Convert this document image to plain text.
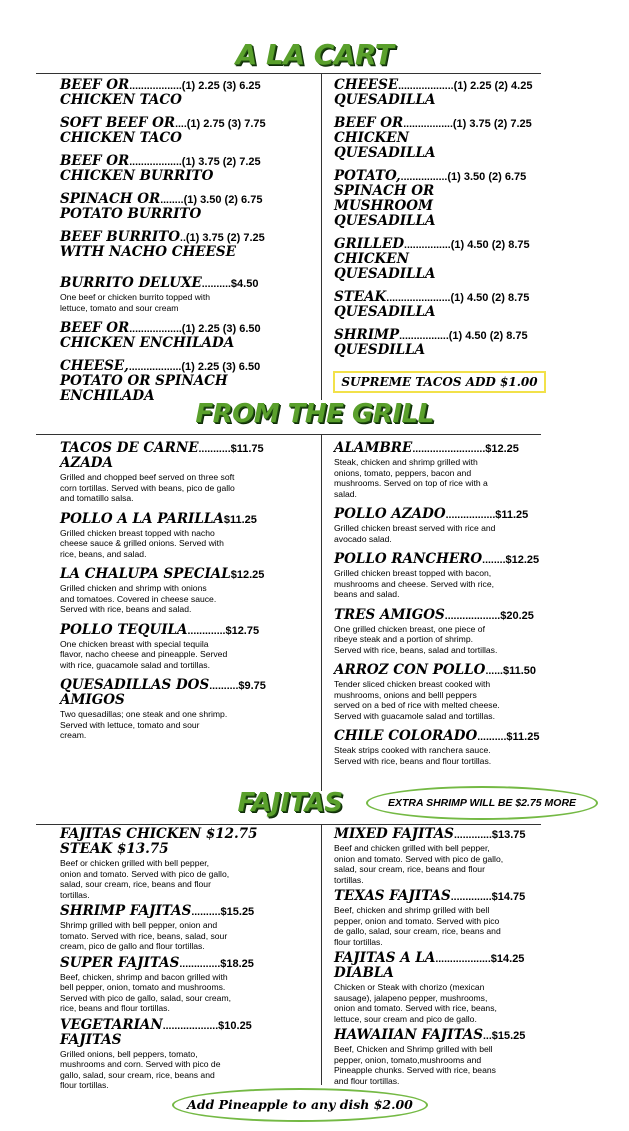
A LA CART
BEEF OR .................. (1) 2.25 (3) 6.25
CHICKEN TACO
SOFT BEEF OR .... (1) 2.75 (3) 7.75
CHICKEN TACO
BEEF OR .................. (1) 3.75 (2) 7.25
CHICKEN BURRITO
SPINACH OR ........ (1) 3.50 (2) 6.75
POTATO BURRITO
BEEF BURRITO .. (1) 3.75 (2) 7.25
WITH NACHO CHEESE
BURRITO DELUXE .......... $4.50
One beef or chicken burrito topped with lettuce, tomato and sour cream
BEEF OR .................. (1) 2.25 (3) 6.50
CHICKEN ENCHILADA
CHEESE, .................. (1) 2.25 (3) 6.50
POTATO OR SPINACH
ENCHILADA
CHEESE ................... (1) 2.25 (2) 4.25
QUESADILLA
BEEF OR ................. (1) 3.75 (2) 7.25
CHICKEN
QUESADILLA
POTATO, ................ (1) 3.50 (2) 6.75
SPINACH OR
MUSHROOM
QUESADILLA
GRILLED ................ (1) 4.50 (2) 8.75
CHICKEN
QUESADILLA
STEAK ...................... (1) 4.50 (2) 8.75
QUESADILLA
SHRIMP ................. (1) 4.50 (2) 8.75
QUESDILLA
SUPREME TACOS ADD $1.00
FROM THE GRILL
TACOS DE CARNE ........... $11.75
AZADA
Grilled and chopped beef served on three soft corn tortillas. Served with beans, pico de gallo and tomatillo salsa.
POLLO A LA PARILLA $11.25
Grilled chicken breast topped with nacho cheese sauce & grilled onions. Served with rice, beans, and salad.
LA CHALUPA SPECIAL $12.25
Grilled chicken and shrimp with onions and tomatoes. Covered in cheese sauce. Served with rice, beans and salad.
POLLO TEQUILA ............. $12.75
One chicken breast with special tequila flavor, nacho cheese and pineapple. Served with rice, guacamole salad and tortillas.
QUESADILLAS DOS .......... $9.75
AMIGOS
Two quesadillas; one steak and one shrimp. Served with lettuce, tomato and sour cream.
ALAMBRE ......................... $12.25
Steak, chicken and shrimp grilled with onions, tomato, peppers, bacon and mushrooms. Served on top of rice with a salad.
POLLO AZADO ................. $11.25
Grilled chicken breast served with rice and avocado salad.
POLLO RANCHERO ........ $12.25
Grilled chicken breast topped with bacon, mushrooms and cheese. Served with rice, beans and salad.
TRES AMIGOS ................... $20.25
One grilled chicken breast, one piece of ribeye steak and a portion of shrimp. Served with rice, beans, salad and tortillas.
ARROZ CON POLLO ...... $11.50
Tender sliced chicken breast cooked with mushrooms, onions and belll peppers served on a bed of rice with melted cheese. Served with guacamole salad and tortillas.
CHILE COLORADO .......... $11.25
Steak strips cooked with ranchera sauce. Served with rice, beans and flour tortillas.
FAJITAS	EXTRA SHRIMP WILL BE $2.75 MORE
FAJITAS CHICKEN $12.75
STEAK $13.75
Beef or chicken grilled with bell pepper, onion and tomato. Served with pico de gallo, salad, sour cream, rice, beans and flour tortillas.
SHRIMP FAJITAS .......... $15.25
Shrimp grilled with bell pepper, onion and tomato. Served with rice, beans, salad, sour cream, pico de gallo and flour tortillas.
SUPER FAJITAS .............. $18.25
Beef, chicken, shrimp and bacon grilled with bell pepper, onion, tomato and mushrooms. Served with pico de gallo, salad, sour cream, rice, beans and flour tortillas.
VEGETARIAN ................... $10.25
FAJITAS
Grilled onions, bell peppers, tomato, mushrooms and corn. Served with pico de gallo, salad, sour cream, rice, beans and flour tortillas.
MIXED FAJITAS ............. $13.75
Beef and chicken grilled with bell pepper, onion and tomato. Served with pico de gallo, salad, sour cream, rice, beans and flour tortillas.
TEXAS FAJITAS .............. $14.75
Beef, chicken and shrimp grilled with bell pepper, onion and tomato. Served with pico de gallo, salad, sour cream, rice, beans and flour tortillas.
FAJITAS A LA ................... $14.25
DIABLA
Chicken or Steak with chorizo (mexican sausage), jalapeno pepper, mushrooms, onion and tomato. Served with rice, beans, lettuce, sour cream and pico de gallo.
HAWAIIAN FAJITAS ... $15.25
Beef, Chicken and Shrimp grilled with bell pepper, onion, tomato,mushrooms and Pineapple chunks. Served with rice, beans and flour tortillas.
Add Pineapple to any dish $2.00
